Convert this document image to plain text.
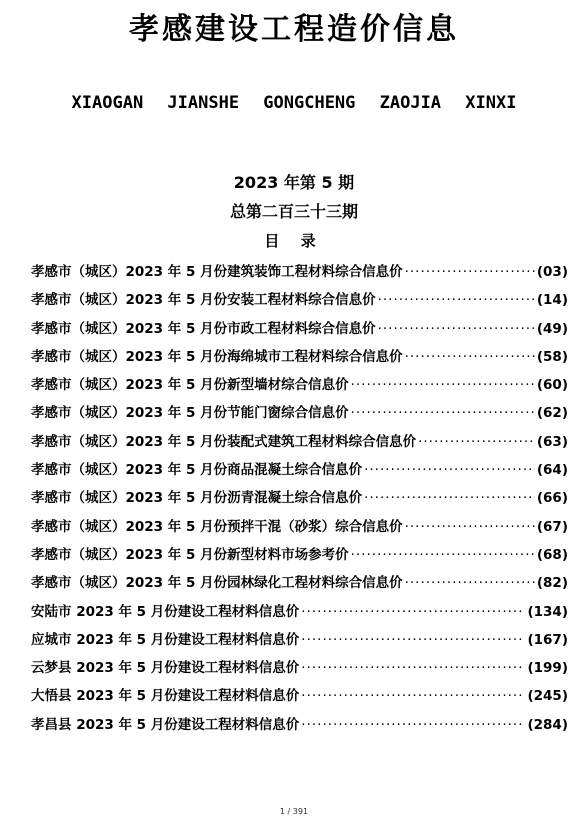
孝感建设工程造价信息
XIAOGAN JIANSHE GONGCHENG ZAOJIA XINXI
2023 年第 5 期
总第二百三十三期
目 录
孝感市（城区）2023 年 5 月份建筑装饰工程材料综合信息价 ·····	(03)
孝感市（城区）2023 年 5 月份安装工程材料综合信息价 ·····	(14)
孝感市（城区）2023 年 5 月份市政工程材料综合信息价 ·····	(49)
孝感市（城区）2023 年 5 月份海绵城市工程材料综合信息价 ·····	(58)
孝感市（城区）2023 年 5 月份新型墙材综合信息价 ·····	(60)
孝感市（城区）2023 年 5 月份节能门窗综合信息价 ·····	(62)
孝感市（城区）2023 年 5 月份装配式建筑工程材料综合信息价 ·····	(63)
孝感市（城区）2023 年 5 月份商品混凝土综合信息价 ·····	(64)
孝感市（城区）2023 年 5 月份沥青混凝土综合信息价 ·····	(66)
孝感市（城区）2023 年 5 月份预拌干混（砂浆）综合信息价 ·····	(67)
孝感市（城区）2023 年 5 月份新型材料市场参考价 ·····	(68)
孝感市（城区）2023 年 5 月份园林绿化工程材料综合信息价 ·····	(82)
安陆市 2023 年 5 月份建设工程材料信息价 ·····	(134)
应城市 2023 年 5 月份建设工程材料信息价 ·····	(167)
云梦县 2023 年 5 月份建设工程材料信息价 ·····	(199)
大悟县 2023 年 5 月份建设工程材料信息价 ·····	(245)
孝昌县 2023 年 5 月份建设工程材料信息价 ·····	(284)
1 / 391
